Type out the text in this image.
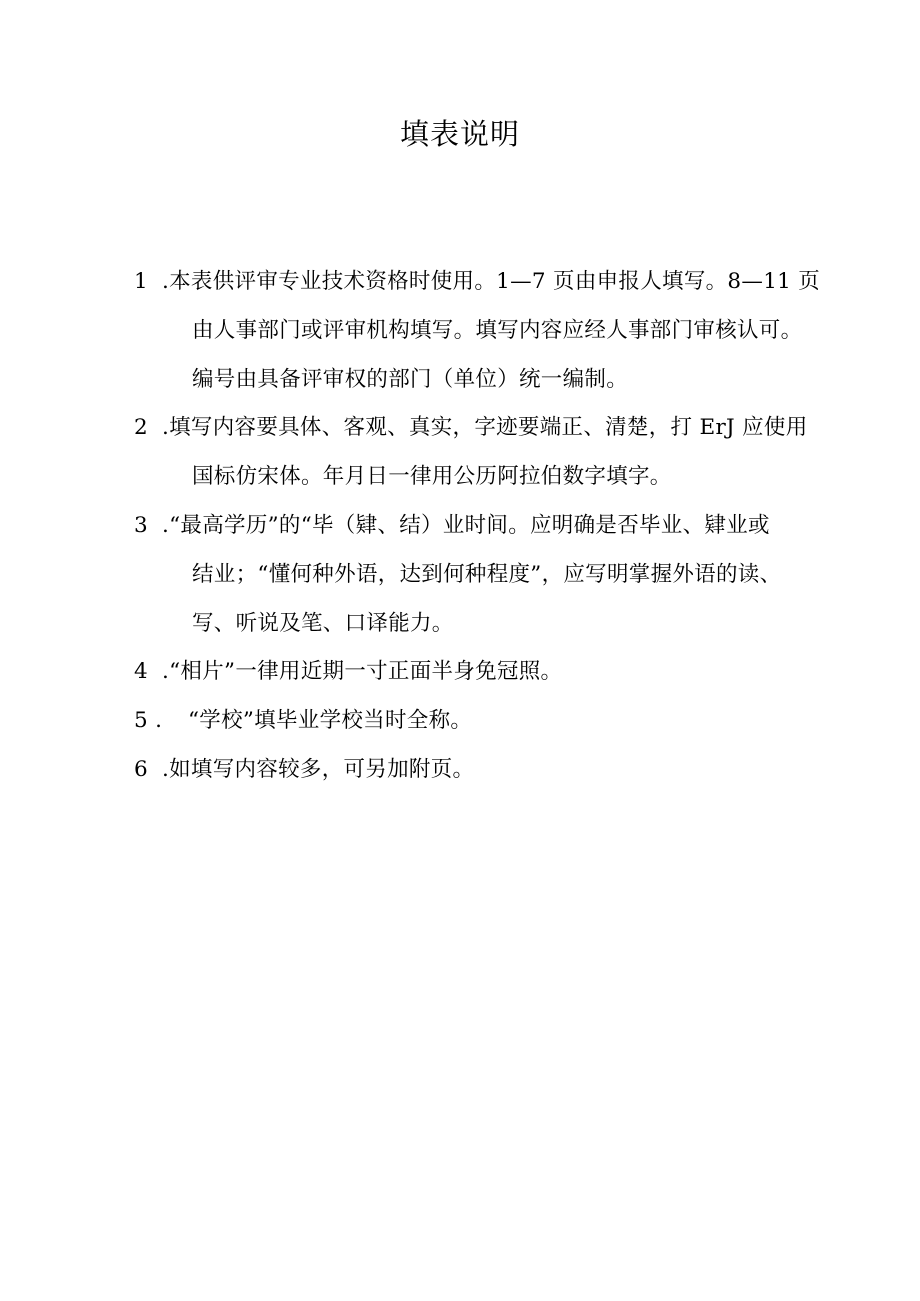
填表说明
1 .本表供评审专业技术资格时使用。1—7 页由申报人填写。8—11 页
由人事部门或评审机构填写。填写内容应经人事部门审核认可。
编号由具备评审权的部门（单位）统一编制。
2 .填写内容要具体、客观、真实，字迹要端正、清楚，打 ErJ 应使用
国标仿宋体。年月日一律用公历阿拉伯数字填字。
3 .“最高学历”的“毕（肄、结）业时间。应明确是否毕业、肄业或
结业；“懂何种外语，达到何种程度”，应写明掌握外语的读、
写、听说及笔、口译能力。
4 .“相片”一律用近期一寸正面半身免冠照。
5 . “学校”填毕业学校当时全称。
6 .如填写内容较多，可另加附页。
